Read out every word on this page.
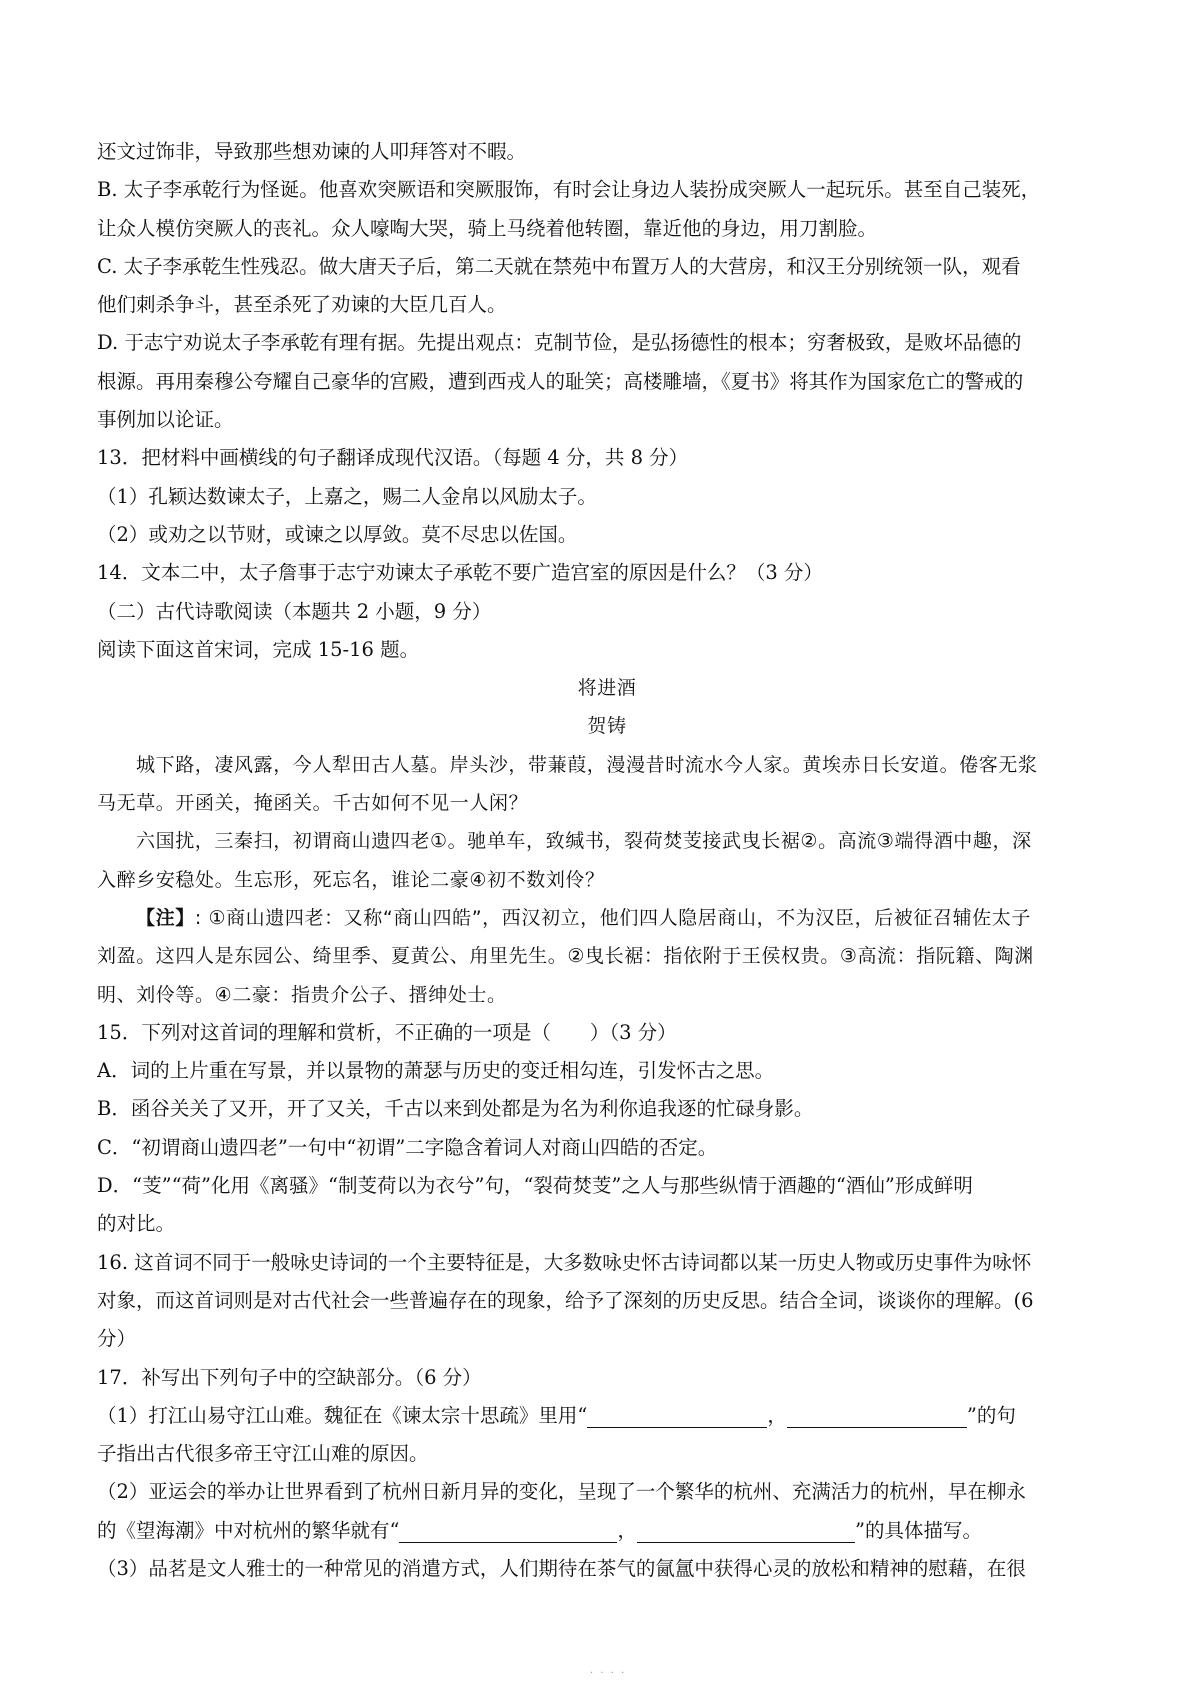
还文过饰非，导致那些想劝谏的人叩拜答对不暇。
B. 太子李承乾行为怪诞。他喜欢突厥语和突厥服饰，有时会让身边人装扮成突厥人一起玩乐。甚至自己装死，
让众人模仿突厥人的丧礼。众人嚎啕大哭，骑上马绕着他转圈，靠近他的身边，用刀割脸。
C. 太子李承乾生性残忍。做大唐天子后，第二天就在禁苑中布置万人的大营房，和汉王分别统领一队，观看
他们刺杀争斗，甚至杀死了劝谏的大臣几百人。
D. 于志宁劝说太子李承乾有理有据。先提出观点：克制节俭，是弘扬德性的根本；穷奢极致，是败坏品德的
根源。再用秦穆公夸耀自己豪华的宫殿，遭到西戎人的耻笑；高楼雕墙，《夏书》将其作为国家危亡的警戒的
事例加以论证。
13．把材料中画横线的句子翻译成现代汉语。（每题 4 分，共 8 分）
（1）孔颖达数谏太子，上嘉之，赐二人金帛以风励太子。
（2）或劝之以节财，或谏之以厚敛。莫不尽忠以佐国。
14．文本二中，太子詹事于志宁劝谏太子承乾不要广造宫室的原因是什么？（3 分）
（二）古代诗歌阅读（本题共 2 小题，9 分）
阅读下面这首宋词，完成 15-16 题。
将进酒
贺铸
城下路，凄风露，今人犁田古人墓。岸头沙，带蒹葭，漫漫昔时流水今人家。黄埃赤日长安道。倦客无浆
马无草。开函关，掩函关。千古如何不见一人闲？
六国扰，三秦扫，初谓商山遗四老①。驰单车，致缄书，裂荷焚芰接武曳长裾②。高流③端得酒中趣，深
入醉乡安稳处。生忘形，死忘名，谁论二豪④初不数刘伶？
【注】: ①商山遗四老：又称“商山四皓”，西汉初立，他们四人隐居商山，不为汉臣，后被征召辅佐太子
刘盈。这四人是东园公、绮里季、夏黄公、甪里先生。②曳长裾：指依附于王侯权贵。③高流：指阮籍、陶渊
明、刘伶等。④二豪：指贵介公子、搢绅处士。
15．下列对这首词的理解和赏析，不正确的一项是（　　）（3 分）
A．词的上片重在写景，并以景物的萧瑟与历史的变迁相勾连，引发怀古之思。
B．函谷关关了又开，开了又关，千古以来到处都是为名为利你追我逐的忙碌身影。
C．“初谓商山遗四老”一句中“初谓”二字隐含着词人对商山四皓的否定。
D．“芰”“荷”化用《离骚》“制芰荷以为衣兮”句，“裂荷焚芰”之人与那些纵情于酒趣的“酒仙”形成鲜明
的对比。
16. 这首词不同于一般咏史诗词的一个主要特征是，大多数咏史怀古诗词都以某一历史人物或历史事件为咏怀
对象，而这首词则是对古代社会一些普遍存在的现象，给予了深刻的历史反思。结合全词，谈谈你的理解。(6
分）
17．补写出下列句子中的空缺部分。（6 分）
（1）打江山易守江山难。魏征在《谏太宗十思疏》里用“	，	”的句
子指出古代很多帝王守江山难的原因。
（2）亚运会的举办让世界看到了杭州日新月异的变化，呈现了一个繁华的杭州、充满活力的杭州，早在柳永
的《望海潮》中对杭州的繁华就有“	，	”的具体描写。
（3）品茗是文人雅士的一种常见的消遣方式，人们期待在茶气的氤氲中获得心灵的放松和精神的慰藉，在很
· · · ·
